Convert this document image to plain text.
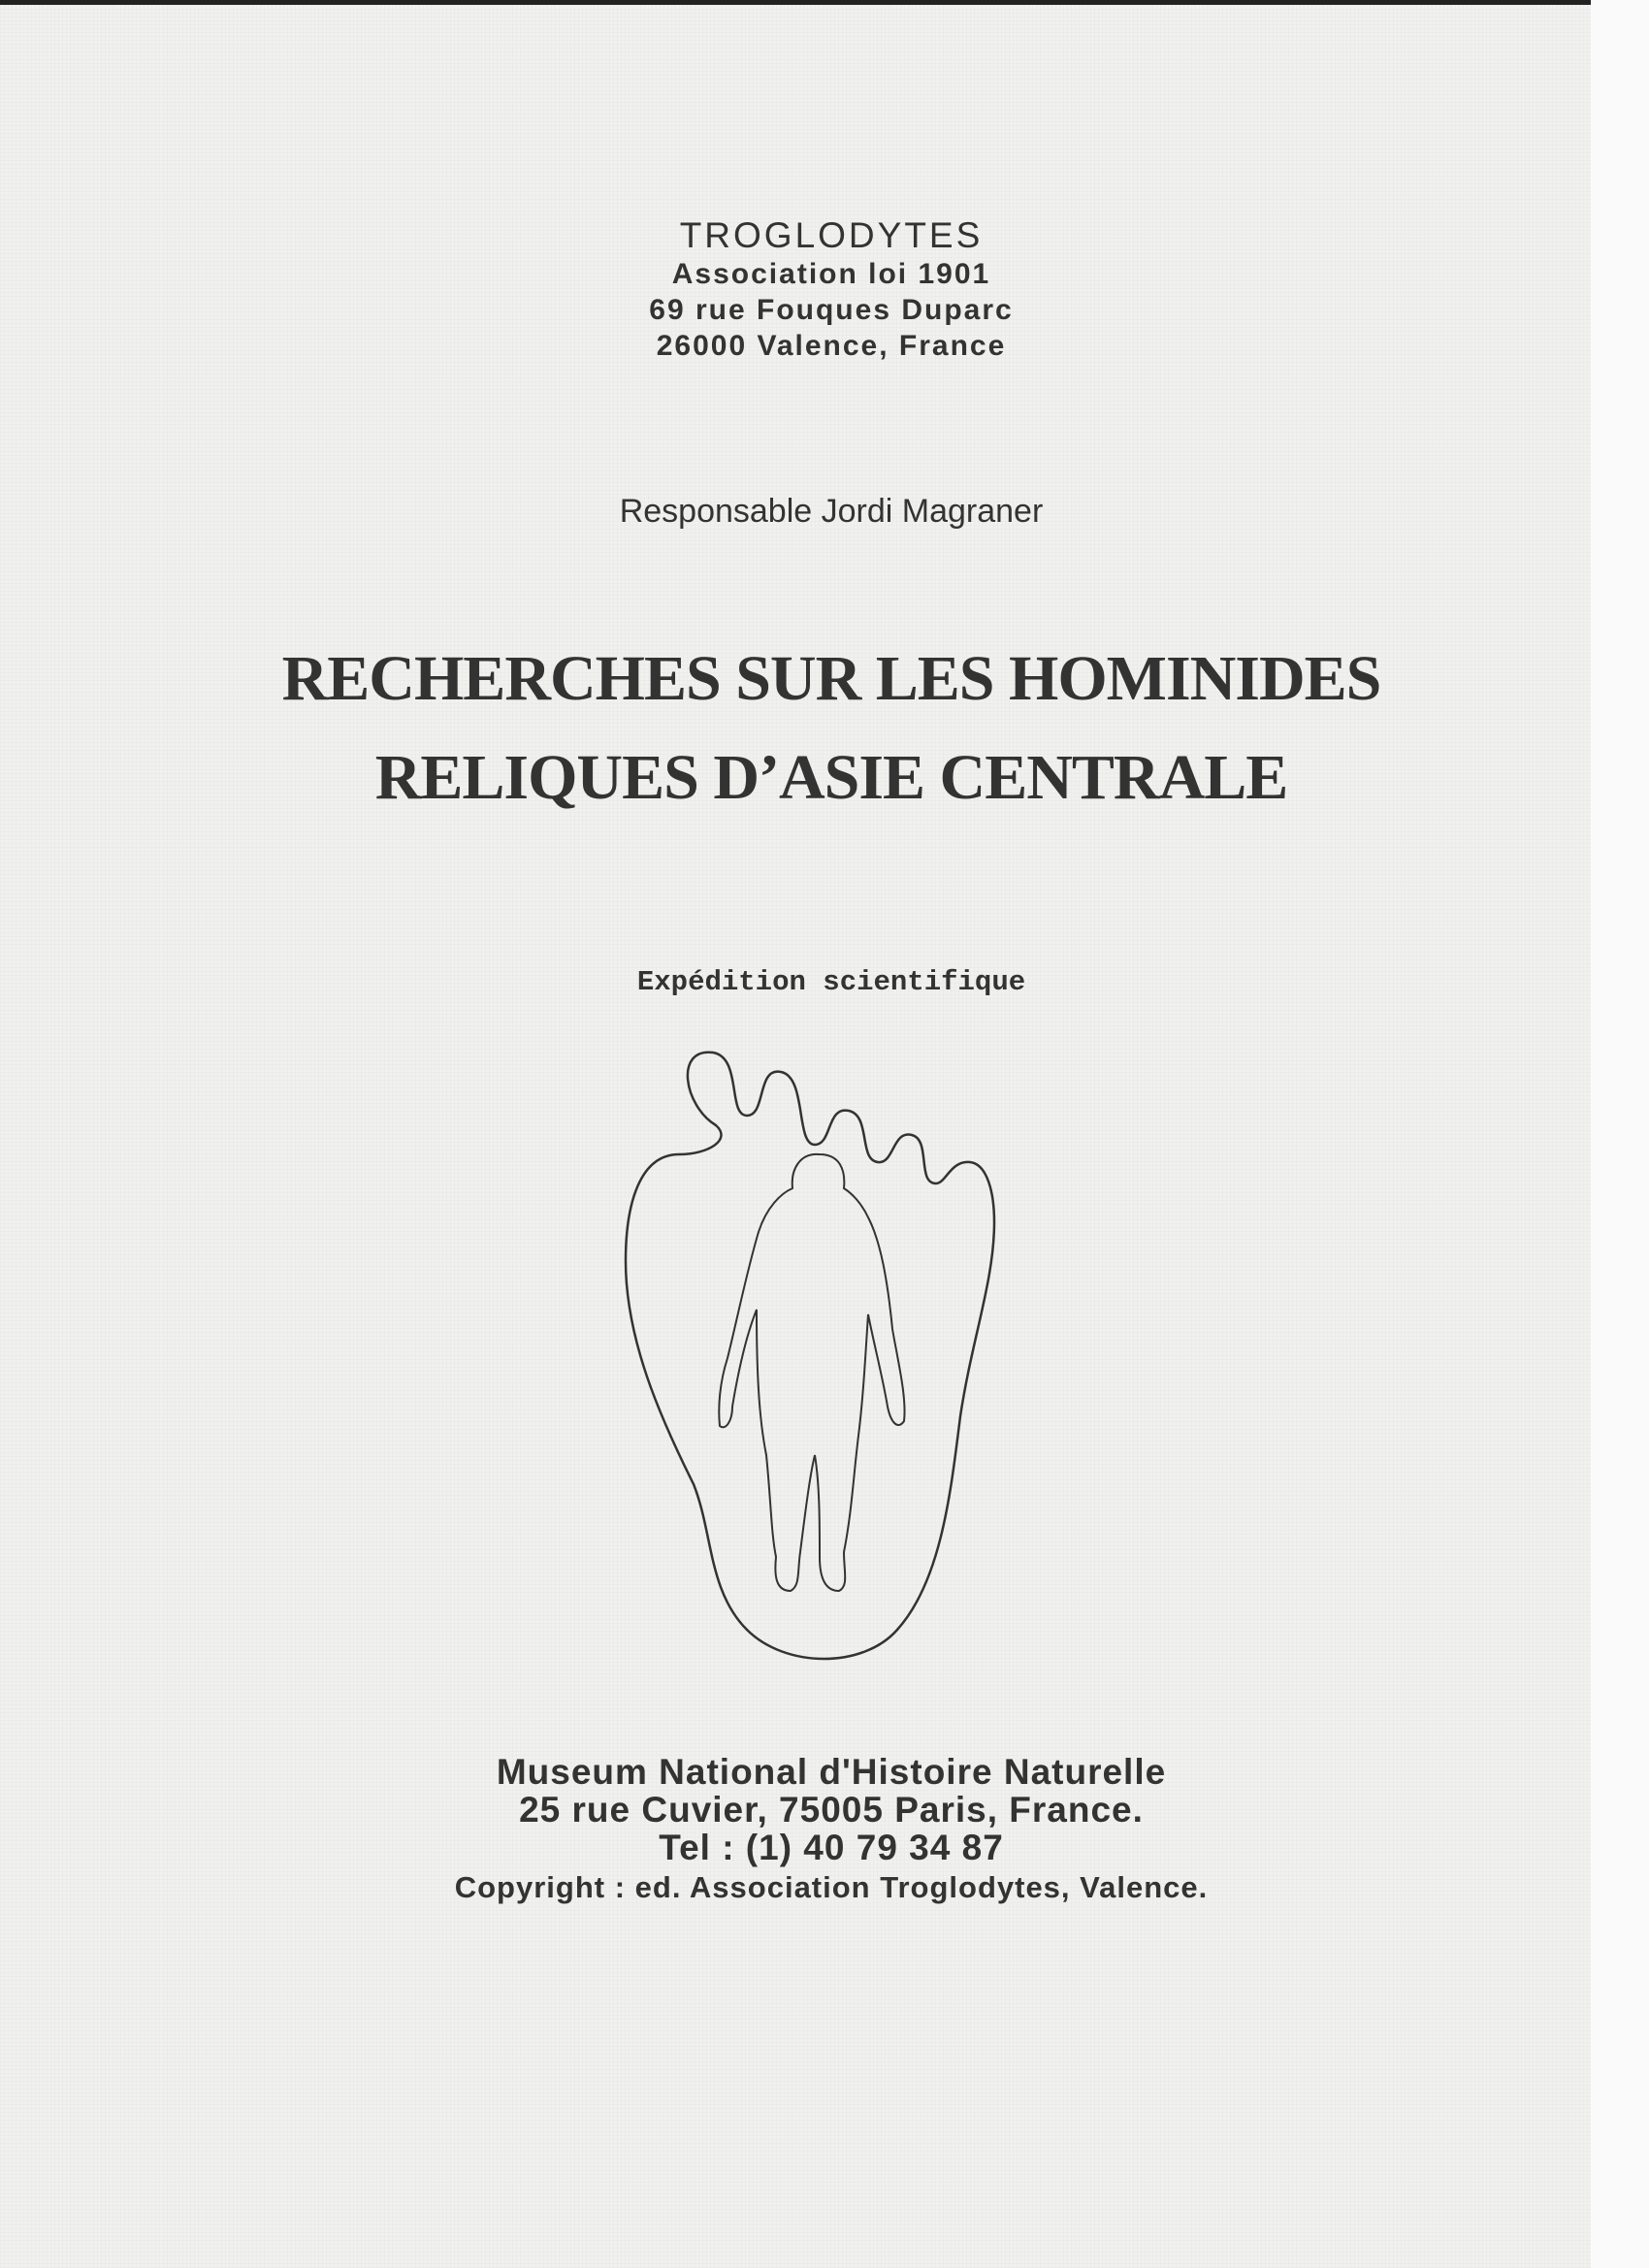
TROGLODYTES
Association loi 1901
69 rue Fouques Duparc
26000 Valence, France
Responsable Jordi Magraner
RECHERCHES SUR LES HOMINIDES
RELIQUES D’ASIE CENTRALE
Expédition scientifique
Museum National d'Histoire Naturelle
25 rue Cuvier, 75005 Paris, France.
Tel : (1) 40 79 34 87
Copyright : ed. Association Troglodytes, Valence.
